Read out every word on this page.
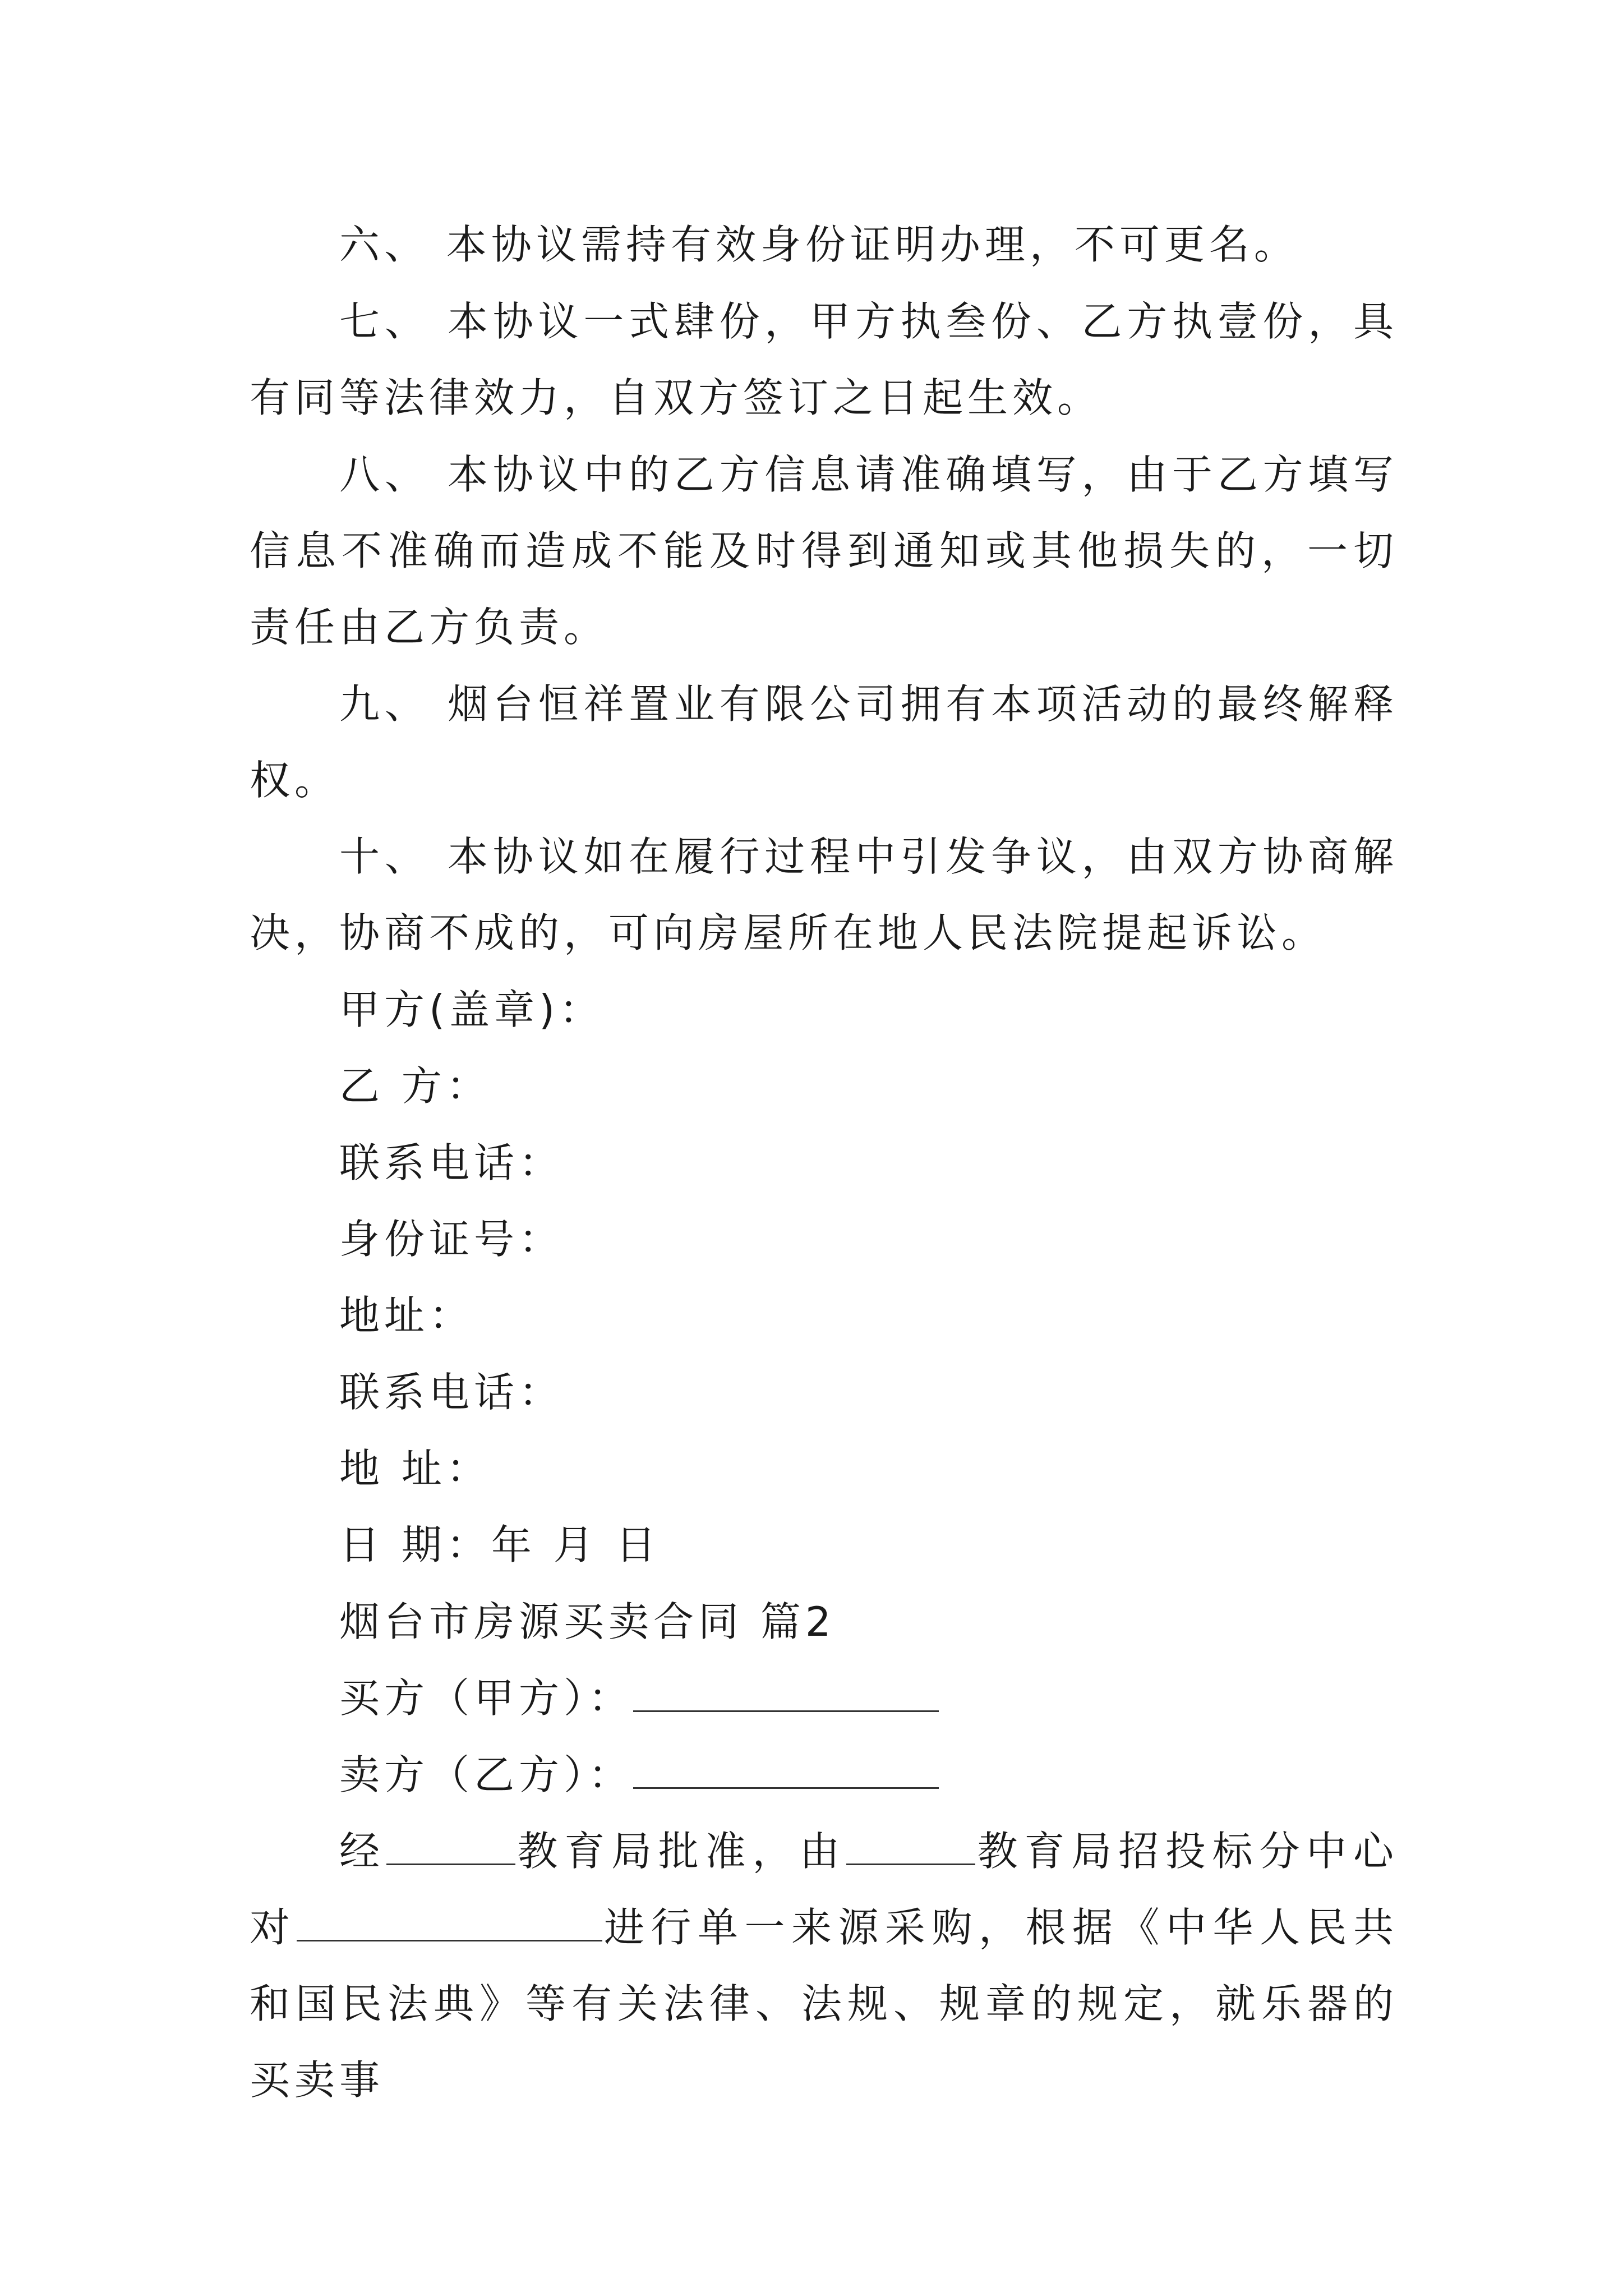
六、 本协议需持有效身份证明办理，不可更名。

七、 本协议一式肆份，甲方执叁份、乙方执壹份，具有同等法律效力，自双方签订之日起生效。

八、 本协议中的乙方信息请准确填写，由于乙方填写信息不准确而造成不能及时得到通知或其他损失的，一切责任由乙方负责。

九、 烟台恒祥置业有限公司拥有本项活动的最终解释权。

十、 本协议如在履行过程中引发争议，由双方协商解决，协商不成的，可向房屋所在地人民法院提起诉讼。

甲方(盖章)：

乙 方：

联系电话：

身份证号：

地址：

联系电话：

地 址：

日 期：年 月 日

烟台市房源买卖合同 篇2

买方（甲方）：

卖方（乙方）：

经	教育局批准，由	教育局招投标分中心对	进行单一来源采购，根据《中华人民共和国民法典》等有关法律、法规、规章的规定，就乐器的买卖事
